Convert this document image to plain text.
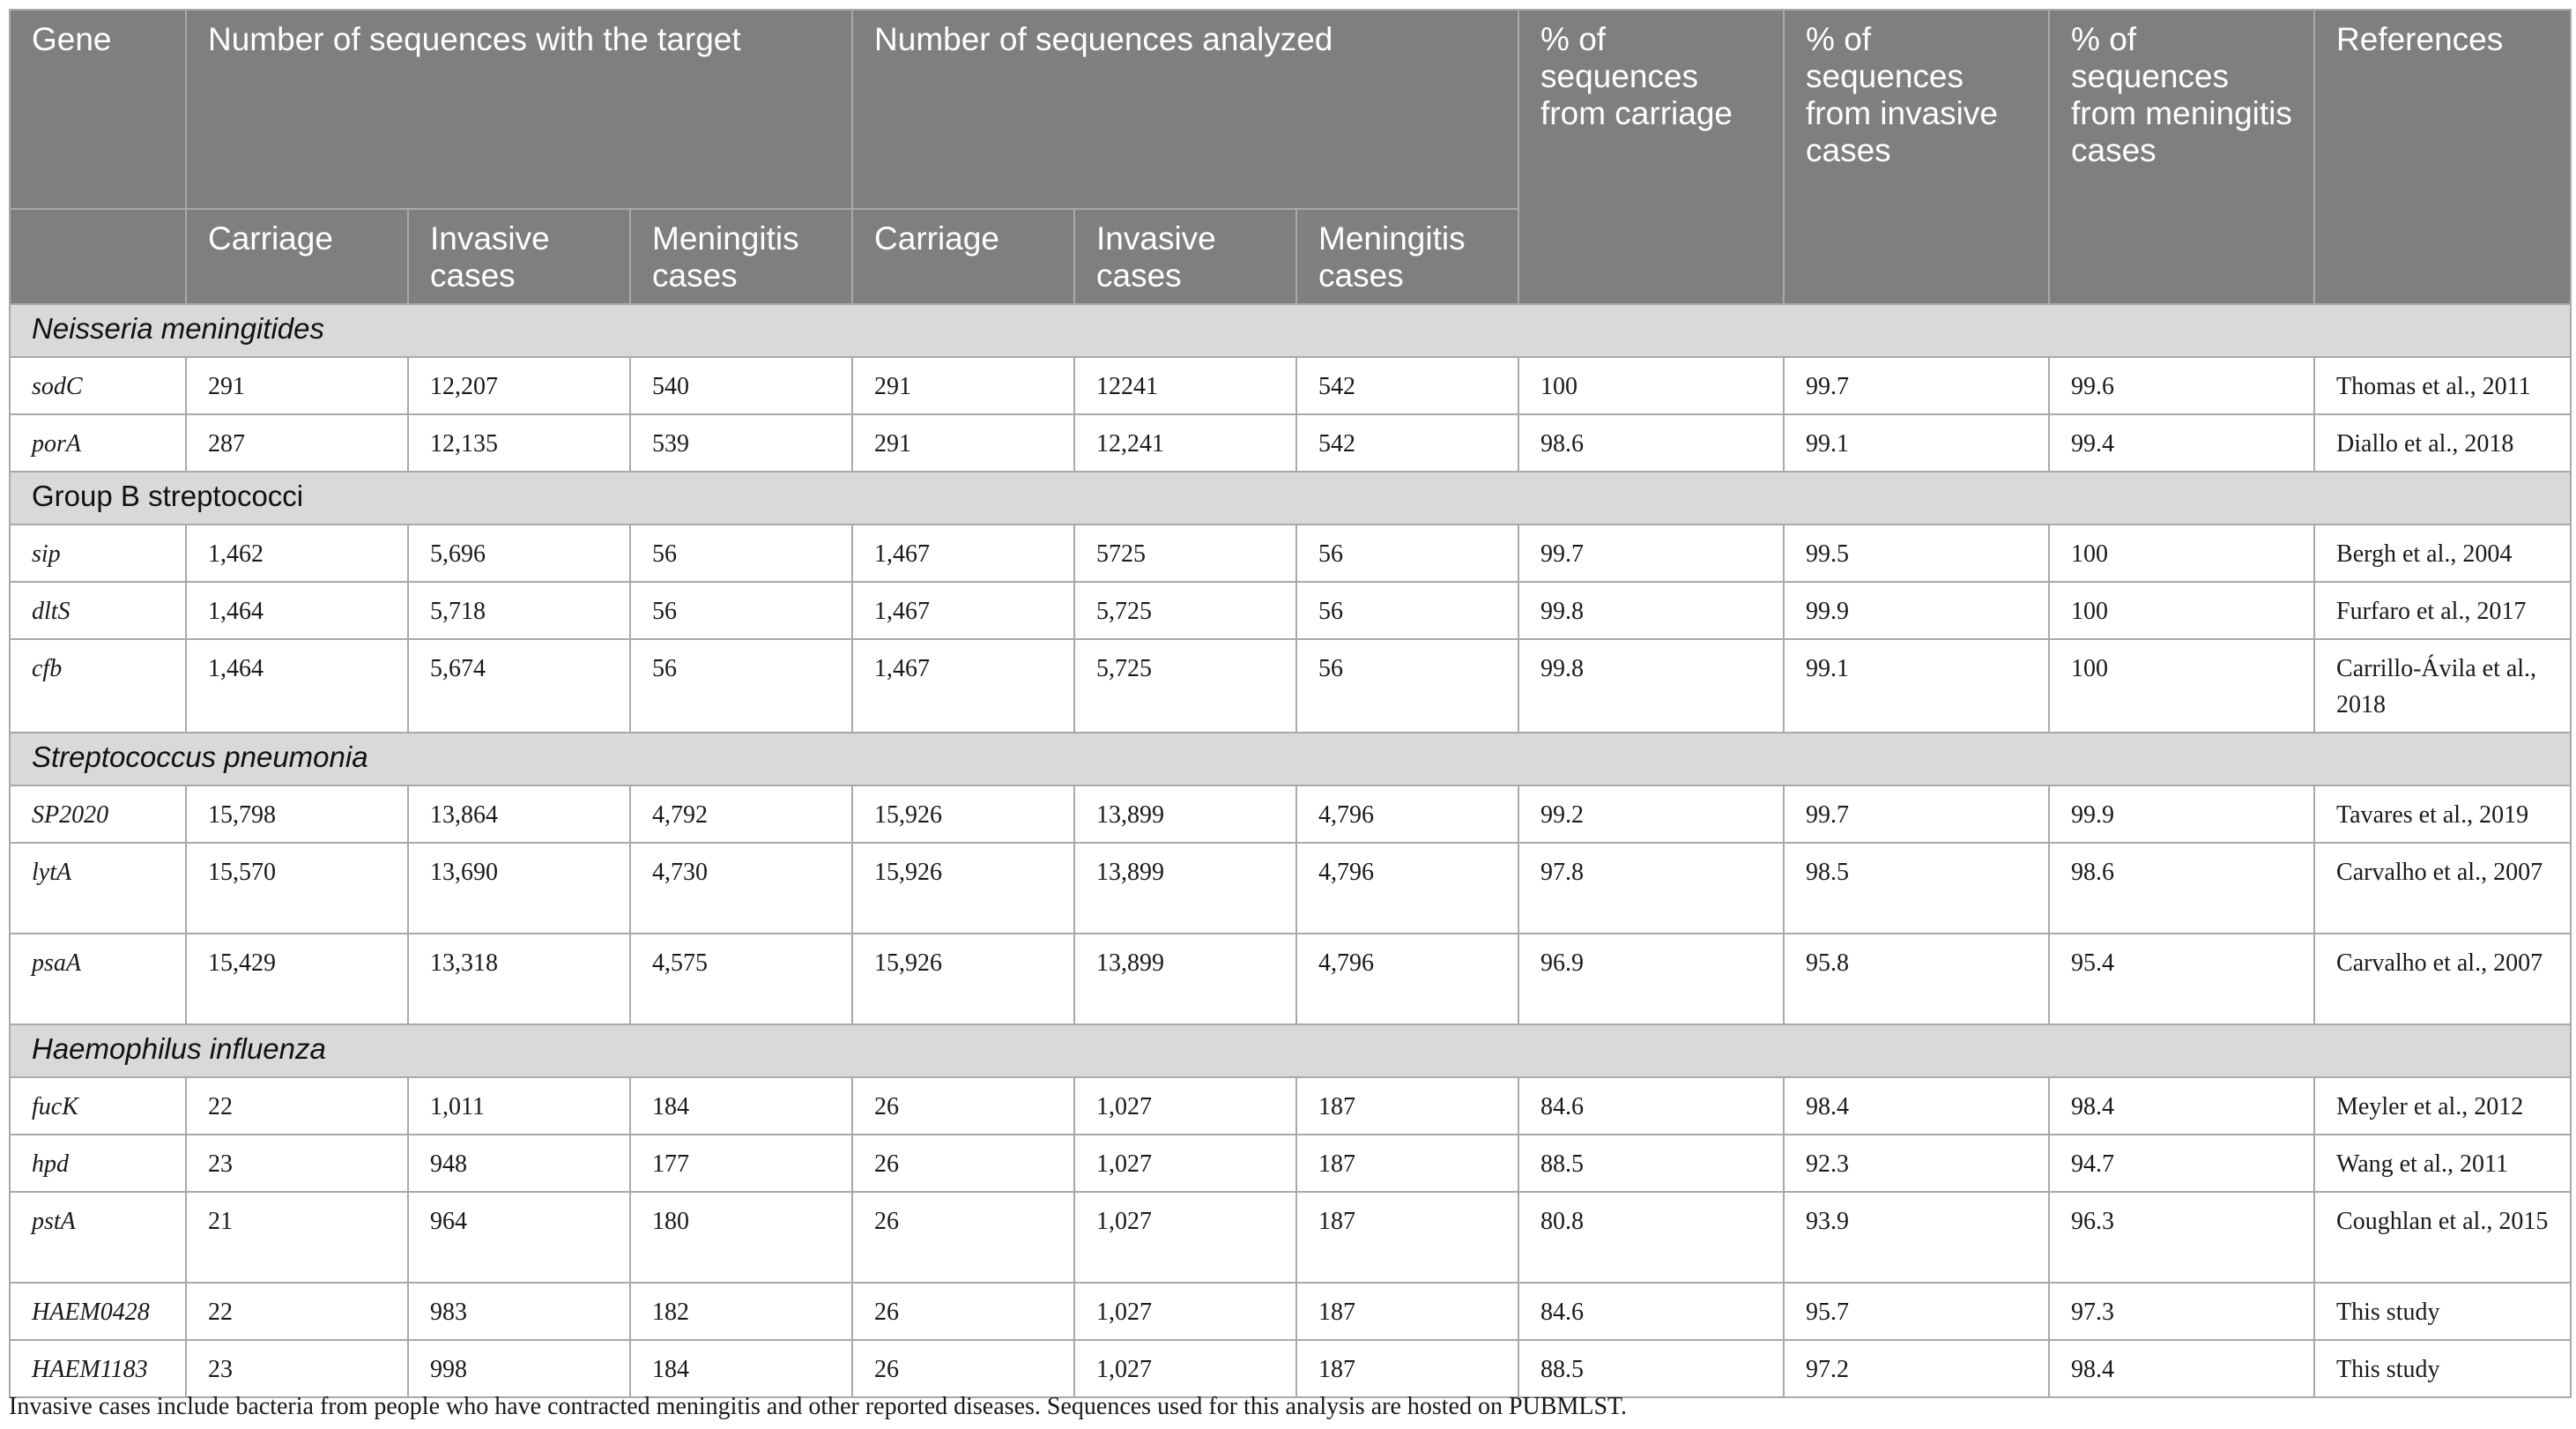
Gene	Number of sequences with the target			Number of sequences analyzed			% of sequences from carriage	% of sequences from invasive cases	% of sequences from meningitis cases	References
	Carriage	Invasive cases	Meningitis cases	Carriage	Invasive cases	Meningitis cases				
Neisseria meningitides										
sodC	291	12,207	540	291	12241	542	100	99.7	99.6	Thomas et al., 2011
porA	287	12,135	539	291	12,241	542	98.6	99.1	99.4	Diallo et al., 2018
Group B streptococci										
sip	1,462	5,696	56	1,467	5725	56	99.7	99.5	100	Bergh et al., 2004
dltS	1,464	5,718	56	1,467	5,725	56	99.8	99.9	100	Furfaro et al., 2017
cfb	1,464	5,674	56	1,467	5,725	56	99.8	99.1	100	Carrillo-Ávila et al., 2018
Streptococcus pneumonia										
SP2020	15,798	13,864	4,792	15,926	13,899	4,796	99.2	99.7	99.9	Tavares et al., 2019
lytA	15,570	13,690	4,730	15,926	13,899	4,796	97.8	98.5	98.6	Carvalho et al., 2007
psaA	15,429	13,318	4,575	15,926	13,899	4,796	96.9	95.8	95.4	Carvalho et al., 2007
Haemophilus influenza										
fucK	22	1,011	184	26	1,027	187	84.6	98.4	98.4	Meyler et al., 2012
hpd	23	948	177	26	1,027	187	88.5	92.3	94.7	Wang et al., 2011
pstA	21	964	180	26	1,027	187	80.8	93.9	96.3	Coughlan et al., 2015
HAEM0428	22	983	182	26	1,027	187	84.6	95.7	97.3	This study
HAEM1183	23	998	184	26	1,027	187	88.5	97.2	98.4	This study
Invasive cases include bacteria from people who have contracted meningitis and other reported diseases. Sequences used for this analysis are hosted on PUBMLST.
